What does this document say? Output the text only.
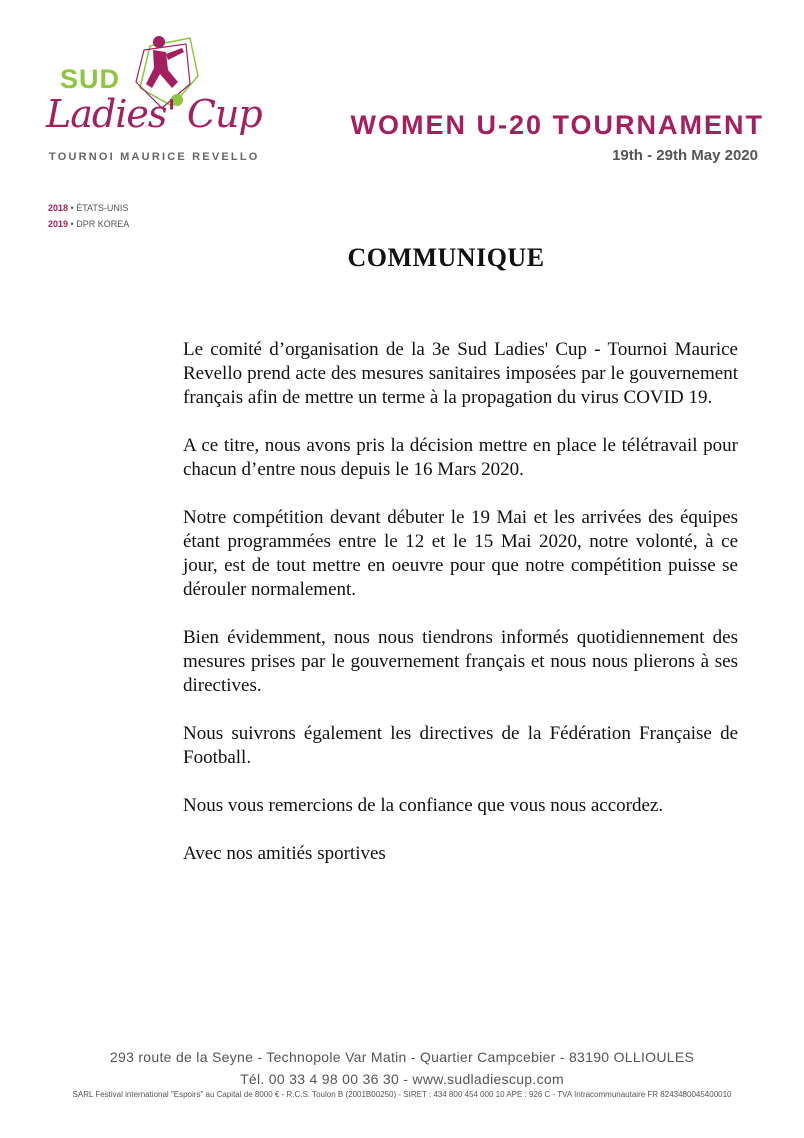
SUD
Ladies' Cup
TOURNOI MAURICE REVELLO
2018 • ÉTATS-UNIS
2019 • DPR KOREA
WOMEN U-20 TOURNAMENT
19th - 29th May 2020
COMMUNIQUE

Le comité d’organisation de la 3e Sud Ladies' Cup - Tournoi Maurice Revello prend acte des mesures sanitaires imposées par le gouvernement français afin de mettre un terme à la propagation du virus COVID 19.

A ce titre, nous avons pris la décision mettre en place le télétravail pour chacun d’entre nous depuis le 16 Mars 2020.

Notre compétition devant débuter le 19 Mai et les arrivées des équipes étant programmées entre le 12 et le 15 Mai 2020, notre volonté, à ce jour, est de tout mettre en oeuvre pour que notre compétition puisse se dérouler normalement.

Bien évidemment, nous nous tiendrons informés quotidiennement des mesures prises par le gouvernement français et nous nous plierons à ses directives.

Nous suivrons également les directives de la Fédération Française de Football.

Nous vous remercions de la confiance que vous nous accordez.

Avec nos amitiés sportives

293 route de la Seyne - Technopole Var Matin - Quartier Campcebier - 83190 OLLIOULES
Tél. 00 33 4 98 00 36 30 - www.sudladiescup.com
SARL Festival international "Espoirs" au Capital de 8000 € - R.C.S. Toulon B (2001B00250) - SIRET : 434 800 454 000 10 APE : 926 C - TVA Intracommunautaire FR 8243480045400010
